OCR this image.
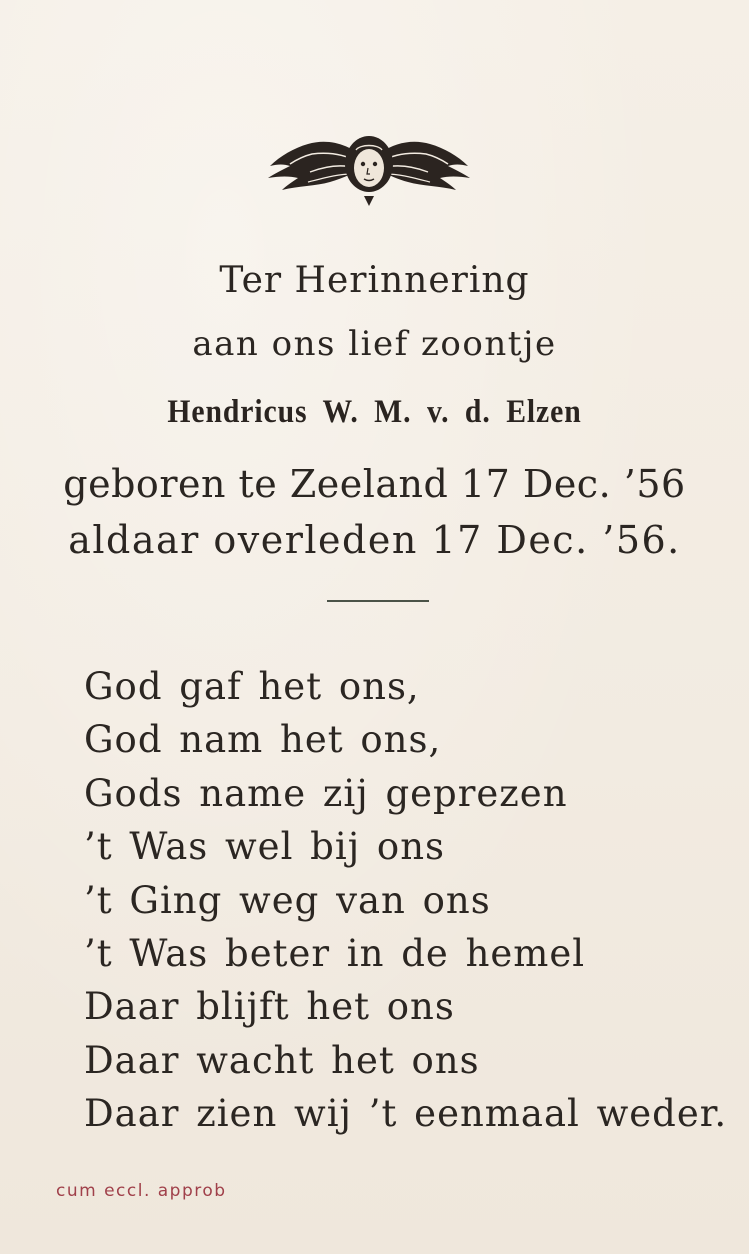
Ter Herinnering
aan ons lief zoontje
Hendricus W. M. v. d. Elzen
geboren te Zeeland 17 Dec. ’56
aldaar overleden 17 Dec. ’56.
God gaf het ons,
God nam het ons,
Gods name zij geprezen
’t Was wel bij ons
’t Ging weg van ons
’t Was beter in de hemel
Daar blijft het ons
Daar wacht het ons
Daar zien wij ’t eenmaal weder.
cum eccl. approb
